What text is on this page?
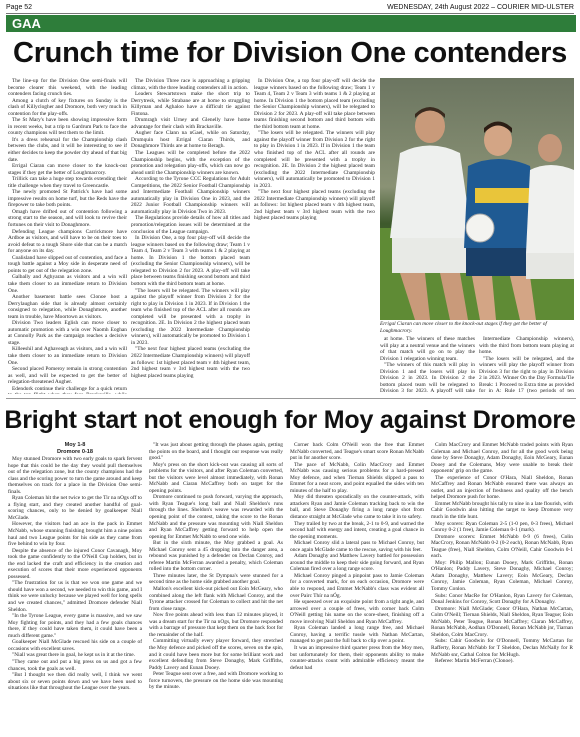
Page 52	WEDNESDAY, 24th August 2022 – COURIER MID-ULSTER
GAA
Crunch time for Division One contenders

The line-up for the Division One semi-finals will become clearer this weekend, with the leading contenders facing crunch ties.

Among a clutch of key fixtures on Sunday is the clash of Killyclogher and Dromore, both very much in contention for the play-offs.

The St Mary's have been showing impressive form in recent weeks, but a trip to Gardrum Park to face the county champions will test them to the limit.

It's a dress rehearsal for the Championship clash between the clubs, and it will be interesting to see if either decides to keep the powder dry ahead of that big date.

Errigal Ciaran can move closer to the knock-out stages if they get the better of Loughmacrory.

Trillick can take a huge step towards extending their title challenge when they travel to Greencastle.

The newly promoted St Patrick's have had some impressive results on home turf, but the Reds have the firepower to take both points.

Omagh have drifted out of contention following a strong start to the season, and will look to revive their fortunes on their visit to Donaghmore.

Defending League champions Carrickmore have Ardboe as visitors, and will have to be on their toes to avoid defeat to a tough Shore side that can be a match for anyone on its day.

Coalisland have slipped out of contention, and face a tough battle against a Moy side in desperate need of points to get out of the relegation zone.

Galbally and Aghyaran as visitors and a win will take them closer to an immediate return to Division One.

Another basement battle sees Clonoe host a Derrylaughan side that is already almost certainly consigned to relegation, while Donaghmore, another team in trouble, have Moortown as visitors.

Division Two leaders Eglish can move closer to automatic promotion with a win over Naomh Eoghan at Connolly Park as the campaign reaches a decisive stage.

Killeeshil and Aghaveagh as visitors, and a win will take them closer to an immediate return to Division One.

Second placed Pomeroy remain in strong contention as well, and will be expected to get the better of relegation-threatened Augher.

Edendork continue their challenge for a quick return

The Division Three race is approaching a gripping climax, with the three leading contenders all in action.

Leaders Stewartstown make the short trip to Derrytresk, while Strabane are at home to struggling Killyman and Aghaloo have a difficult tie against Fintona.

Drumragh visit Urney and Glenelly have home advantage for their clash with Brackaville.

Augher face Clann na nGael, while on Saturday, Drumquin host Errigal Ciaran Thirds, and Donaghmore Thirds are at home to Beragh.

The Leagues will be completed before the 2022 Championship begins, with the exception of the promotion and relegation play-offs, which can now go ahead until the Championship winners are known.

According to the Tyrone CCC Regulations for Adult Competitions, the 2022 Senior Football Championship and Intermediate Football Championship winners automatically play in Division One in 2023, and the 2022 Junior Football Championship winners will automatically play in Division Two in 2023.

The Regulations provide details of how all titles and promotion/relegation issues will be determined at the conclusion of the League campaign.

In Division One, a top four play-off will decide the league winners based on the following draw; Team 1 v Team 4, Team 2 v Team 3 with teams 1 & 2 playing at home. In Division 1 the bottom placed team (excluding the Senior Championship winners), will be relegated to Division 2 for 2023. A play-off will take place between teams finishing second bottom and third bottom with the third bottom team at home.

"The losers will be relegated. The winners will play against the playoff winner from Division 2 for the right to play in Division 1 in 2023. If in Division 1 the team who finished top of the ACL after all rounds are completed will be presented with a trophy in recognition. 2E. In Division 2 the highest placed team (excluding the 2022 Intermediate Championship winners), will automatically be promoted to Division 1 in 2023.

"The next four highest placed teams (excluding the 2022 Intermediate Championship winners) will playoff as follows: 1st highest placed team v 4th highest team, 2nd highest team v 3rd highest team with the two highest placed teams playing

In Division One, a top four play-off will decide the league winners based on the following draw; Team 1 v Team 4, Team 2 v Team 3 with teams 1 & 2 playing at home. In Division 1 the bottom placed team (excluding the Senior Championship winners), will be relegated to Division 2 for 2023. A play-off will take place between teams finishing second bottom and third bottom with the third bottom team at home.

"The losers will be relegated. The winners will play against the playoff winner from Division 2 for the right to play in Division 1 in 2023. If in Division 1 the team who finished top of the ACL after all rounds are completed will be presented with a trophy in recognition. 2E. In Division 2 the highest placed team (excluding the 2022 Intermediate Championship winners), will automatically be promoted to Division 1 in 2023.

"The next four highest placed teams (excluding the 2022 Intermediate Championship winners) will playoff as follows: 1st highest placed team v 4th highest team, 2nd highest team v 3rd highest team with the two highest placed teams playing

Errigal Ciaran can move closer to the knock-out stages if they get the better of Loughmacrory.

at home. The winners of these matches will play at a neutral venue and the winners of that match will go on to play the Division 1 relegation winning team.

"The winners of this match will play in Division 1 and the losers will play in Division 2 in 2023. In Division 2 the bottom placed team will be relegated to Division 3 for 2023. A playoff will take

Intermediate Championship winners), with the third from bottom team playing at home.

"The losers will be relegated, and the winners will play the playoff winner from Division 3 for the right to play in Division 2 in 2023. Winner On the Day Formula/Tie Break: 1 Proceed to Extra time as provided for in A: Rule 17 (two periods of ten

Bright start not enough for Moy against Dromore

Moy 1-8

Dromore 0-18

Moy stunned Dromore with two early goals to spark fervent hope that this could be the day they would pull themselves out of the relegation zone, but the county champions had the class and the scoring power to turn the game around and keep themselves on track for a place in the Division One semi-finals.

Ryan Coleman hit the net twice to get the Tir na nOgs off to a flying start, and they created another handful of goal-scoring chances, only to be denied by goalkeeper Niall McGlade.

However, the visitors had an ace in the pack in Emmet McNabb, whose stunning finishing brought him a nine points haul and two League points for his side as they came from five behind to win by four.

Despite the absence of the injured Conor Cavanagh, Moy took the game confidently to the O'Neill Cup holders, but in the end lacked the craft and efficiency in the creation and execution of scores that their more experienced opponents possessed.

"The frustration for us is that we won one game and we should have won a second, we needed to win this game, and I think we were unlucky because we played well for long spells and we created chances," admitted Dromore defender Niall Sheldon.

"In the Tyrone League, every game is massive, and we saw Moy fighting for points, and they had a few goals chances there, if they could have taken them, it could have been a much different game."

Goalkeeper Niall McGlade rescued his side on a couple of occasions with excellent saves.

"Niall was great there in goal, he kept us in it at the time.

"They came out and put a big press on us and got a few chances, took the goals as well.

"But I thought we then did really well, I think we went about six or seven points down and we have been used to situations like that throughout the League over the years.

"It was just about getting through the phases again, getting the points on the board, and I thought our response was really good."

Moy's press on the short kick-out was causing all sorts of problems for the visitors, and after Ryan Coleman converted, but the visitors were level almost immediately, with Ronan McNabb and Ciaran McCaffrey both on target for the opening points.

Dromore continued to push forward, varying the approach, with Ryan Teague's long ball and Niall Sheldon's runs through the lines. Sheldon's weave was rewarded with the opening point of the contest, taking the score to the Ronan McNabb and the pressure was mounting with Niall Sheldon and Ryan McCaffrey getting forward to help open the opening for Emmet McNabb to send one wide.

But in the sixth minute, the Moy grabbed a goal. As Michael Conroy sent a 45 dropping into the danger area, a rebound was punished by a defender on Declan Conroy, and referee Martin McFerran awarded a penalty, which Coleman rolled into the bottom corner.

Three minutes later, the St Dympna's were stunned for a second time as the home side grabbed another goal.

Mallon's excellent kick-out picked out Eoin McGeary, who combined along the left flank with Michael Conroy, and the Tyrone attacker crossed for Coleman to collect and hit the net from close range.

Now five points ahead with less than 12 minutes played, it was a dream start for the Tir na nOgs, but Dromore responded with a barrage of pressure that kept them on the back foot for the remainder of the half.

Committing virtually every player forward, they stretched the Moy defence and picked off the scores, seven on the spin, and it could have been more but for some brilliant work and excellent defending from Steve Donaghy, Mark Griffiths, Paddy Lavery and Eunan Dooey.

Peter Teague sent over a free, and with Dromore working to force turnovers, the pressure on the home side was mounting by the minute.

Corner back Colm O'Neill won the free that Emmet McNabb converted, and Teague's smart score Ronan McNabb put in for another score.

The pace of McNabb, Colin MacCrory and Emmet McNabb was causing serious problems for a hard-pressed Moy defence, and when Tiernan Shields slipped a pass to Emmet for a neat score, and point equalled the sides with ten minutes of the half to play.

Moy did threaten sporadically on the counter-attack, with attackers Ryan and Jamie Coleman tracking back to win the ball, and Steve Donaghy firing a long range shot from distance straight at McGlade who came to take it in to safety.

They trailed by two at the break, 2-1 to 0-9, and warned the second half with energy and intent, creating a goal chance in the opening moments.

Michael Conroy slid a lateral pass to Michael Conroy, but once again McGlade came to the rescue, saving with his feet.

Adam Donaghy and Matthew Lavery battled for possession around the middle to keep their side going forward, and Ryan Coleman fired over a long range score.

Michael Conroy pinged a pinpoint pass to Jamie Coleman for a converted mark, for on each occasion, Dromore were able to respond, and Emmet McNabb's class was evident all over Pairc Thír na nÓg.

He squeezed over an exquisite point from a tight angle, and arrowed over a couple of frees, with corner back Colm O'Neill getting his name on the score-sheet, finishing off a move involving Niall Sheldon and Ryan McCaffrey.

Ryan Coleman landed a long range free, and Michael Conroy, having a terrific tussle with Nathan McCartan, managed to get past the full back to clip over a point.

It was an impressive third quarter press from the Moy men, but unfortunately for them, their opponents ability to make counter-attacks count with admirable efficiency meant the defeat had

Colm MacCrory and Emmet McNabb traded points with Ryan Coleman and Michael Conroy, and for all the good work being done by Steve Donaghy, Adam Donaghy, Eoin McGeary, Eunan Dooey and the Colemans, Moy were unable to break their opponents' grip on the game.

The experience of Conor O'Hara, Niall Sheldon, Ronan McCaffrey and Ronan McNabb ensured there was always an outlet, and an injection of freshness and quality off the bench helped Dromore push for home.

Emmet McNabb brought his tally to nine in a late flourish, with Cahir Goodwin also hitting the target to keep Dromore very much in the title hunt.

Moy scorers: Ryan Coleman 2-5 (1-0 pen, 0-3 frees), Michael Conroy 0-2 (1 free), Jamie Coleman 0-1 (mark).

Dromore scorers: Emmet McNabb 0-9 (6 frees), Colin MacCrory, Ronan McNabb 0-2 (0-2 each), Ronan McNabb, Ryan Teague (free), Niall Sheldon, Colm O'Neill, Cahir Goodwin 0-1 each.

Moy: Philip Mallon; Eunan Dooey, Mark Griffiths, Ronan O'Hanlon; Paddy Lavery, Steve Donaghy, Michael Conroy; Adam Donaghy, Matthew Lavery; Eoin McGeary, Declan Conroy, Jamie Coleman, Ryan Coleman, Michael Conroy, Tommy Conlon.

Subs: Conor MacRe for O'Hanlon, Ryan Lavery for Coleman, Donal Jenkins for Conroy, Scott Donaghy for A Donaghy.

Dromore: Niall McGlade; Conor O'Hara, Nathan McCartan, Colm O'Neill; Tiernan Shields, Niall Sheldon, Ryan Teague; Eoin McNabb, Peter Teague, Ronan McCaffrey; Ciaran McCaffrey, Ronan McNabb, Aodhan O'Donnell, Ronan McNabb jnr, Tiarnan Sheldon, Colm MacCrory.

Subs: Cahir Goodwin for O'Donnell, Tommy McCartan for Rafferty, Ronan McNabb for T Sheldon, Declan McNally for R McNabb snr, Cathal Colton for McHugh.

Referee: Martin McFerran (Clonoe).
